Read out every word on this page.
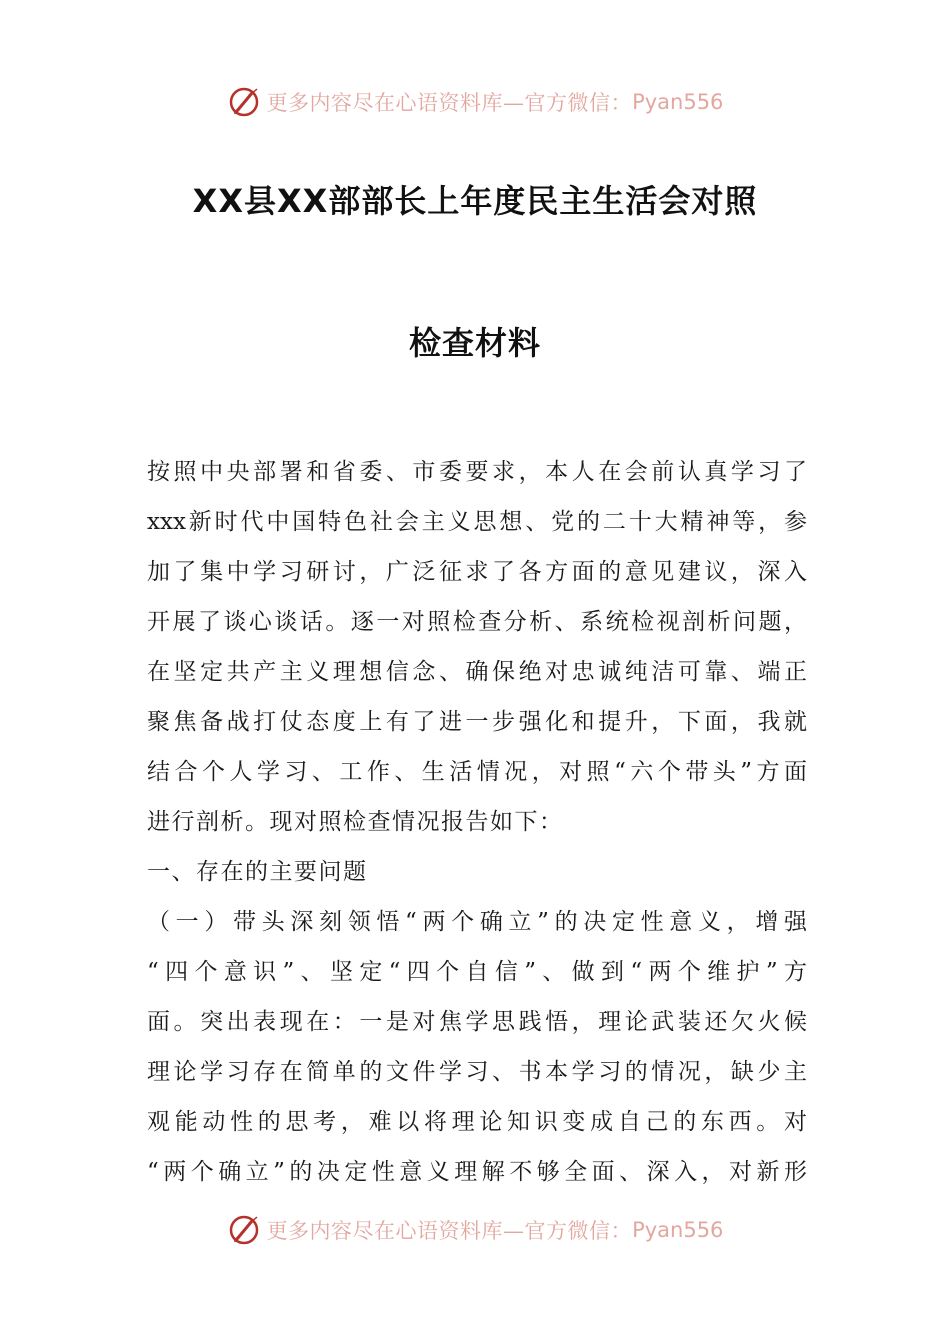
更多内容尽在心语资料库—官方微信： Pyan556
XX县XX部部长上年度民主生活会对照
检查材料
按照中央部署和省委、市委要求，本人在会前认真学习了
xxx新时代中国特色社会主义思想、党的二十大精神等，参
加了集中学习研讨，广泛征求了各方面的意见建议，深入
开展了谈心谈话。逐一对照检查分析、系统检视剖析问题，
在坚定共产主义理想信念、确保绝对忠诚纯洁可靠、端正
聚焦备战打仗态度上有了进一步强化和提升，下面，我就
结合个人学习、工作、生活情况，对照“六个带头”方面
进行剖析。现对照检查情况报告如下：
一、存在的主要问题
（一）带头深刻领悟“两个确立”的决定性意义，增强
“四个意识”、坚定“四个自信”、做到“两个维护”方
面。突出表现在：一是对焦学思践悟，理论武装还欠火候
理论学习存在简单的文件学习、书本学习的情况，缺少主
观能动性的思考，难以将理论知识变成自己的东西。对
“两个确立”的决定性意义理解不够全面、深入，对新形
更多内容尽在心语资料库—官方微信： Pyan556
